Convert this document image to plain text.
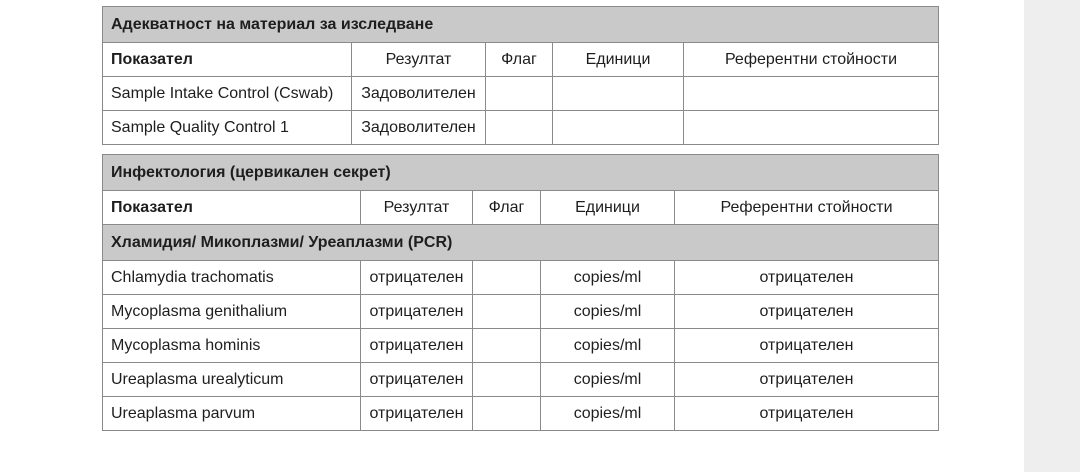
Адекватност на материал за изследване				
Показател	Резултат	Флаг	Единици	Референтни стойности
Sample Intake Control (Cswab)	Задоволителен			
Sample Quality Control 1	Задоволителен			
Инфектология (цервикален секрет)				
Показател	Резултат	Флаг	Единици	Референтни стойности
Хламидия/ Микоплазми/ Уреаплазми (PCR)				
Chlamydia trachomatis	отрицателен		copies/ml	отрицателен
Mycoplasma genithalium	отрицателен		copies/ml	отрицателен
Mycoplasma hominis	отрицателен		copies/ml	отрицателен
Ureaplasma urealyticum	отрицателен		copies/ml	отрицателен
Ureaplasma parvum	отрицателен		copies/ml	отрицателен
